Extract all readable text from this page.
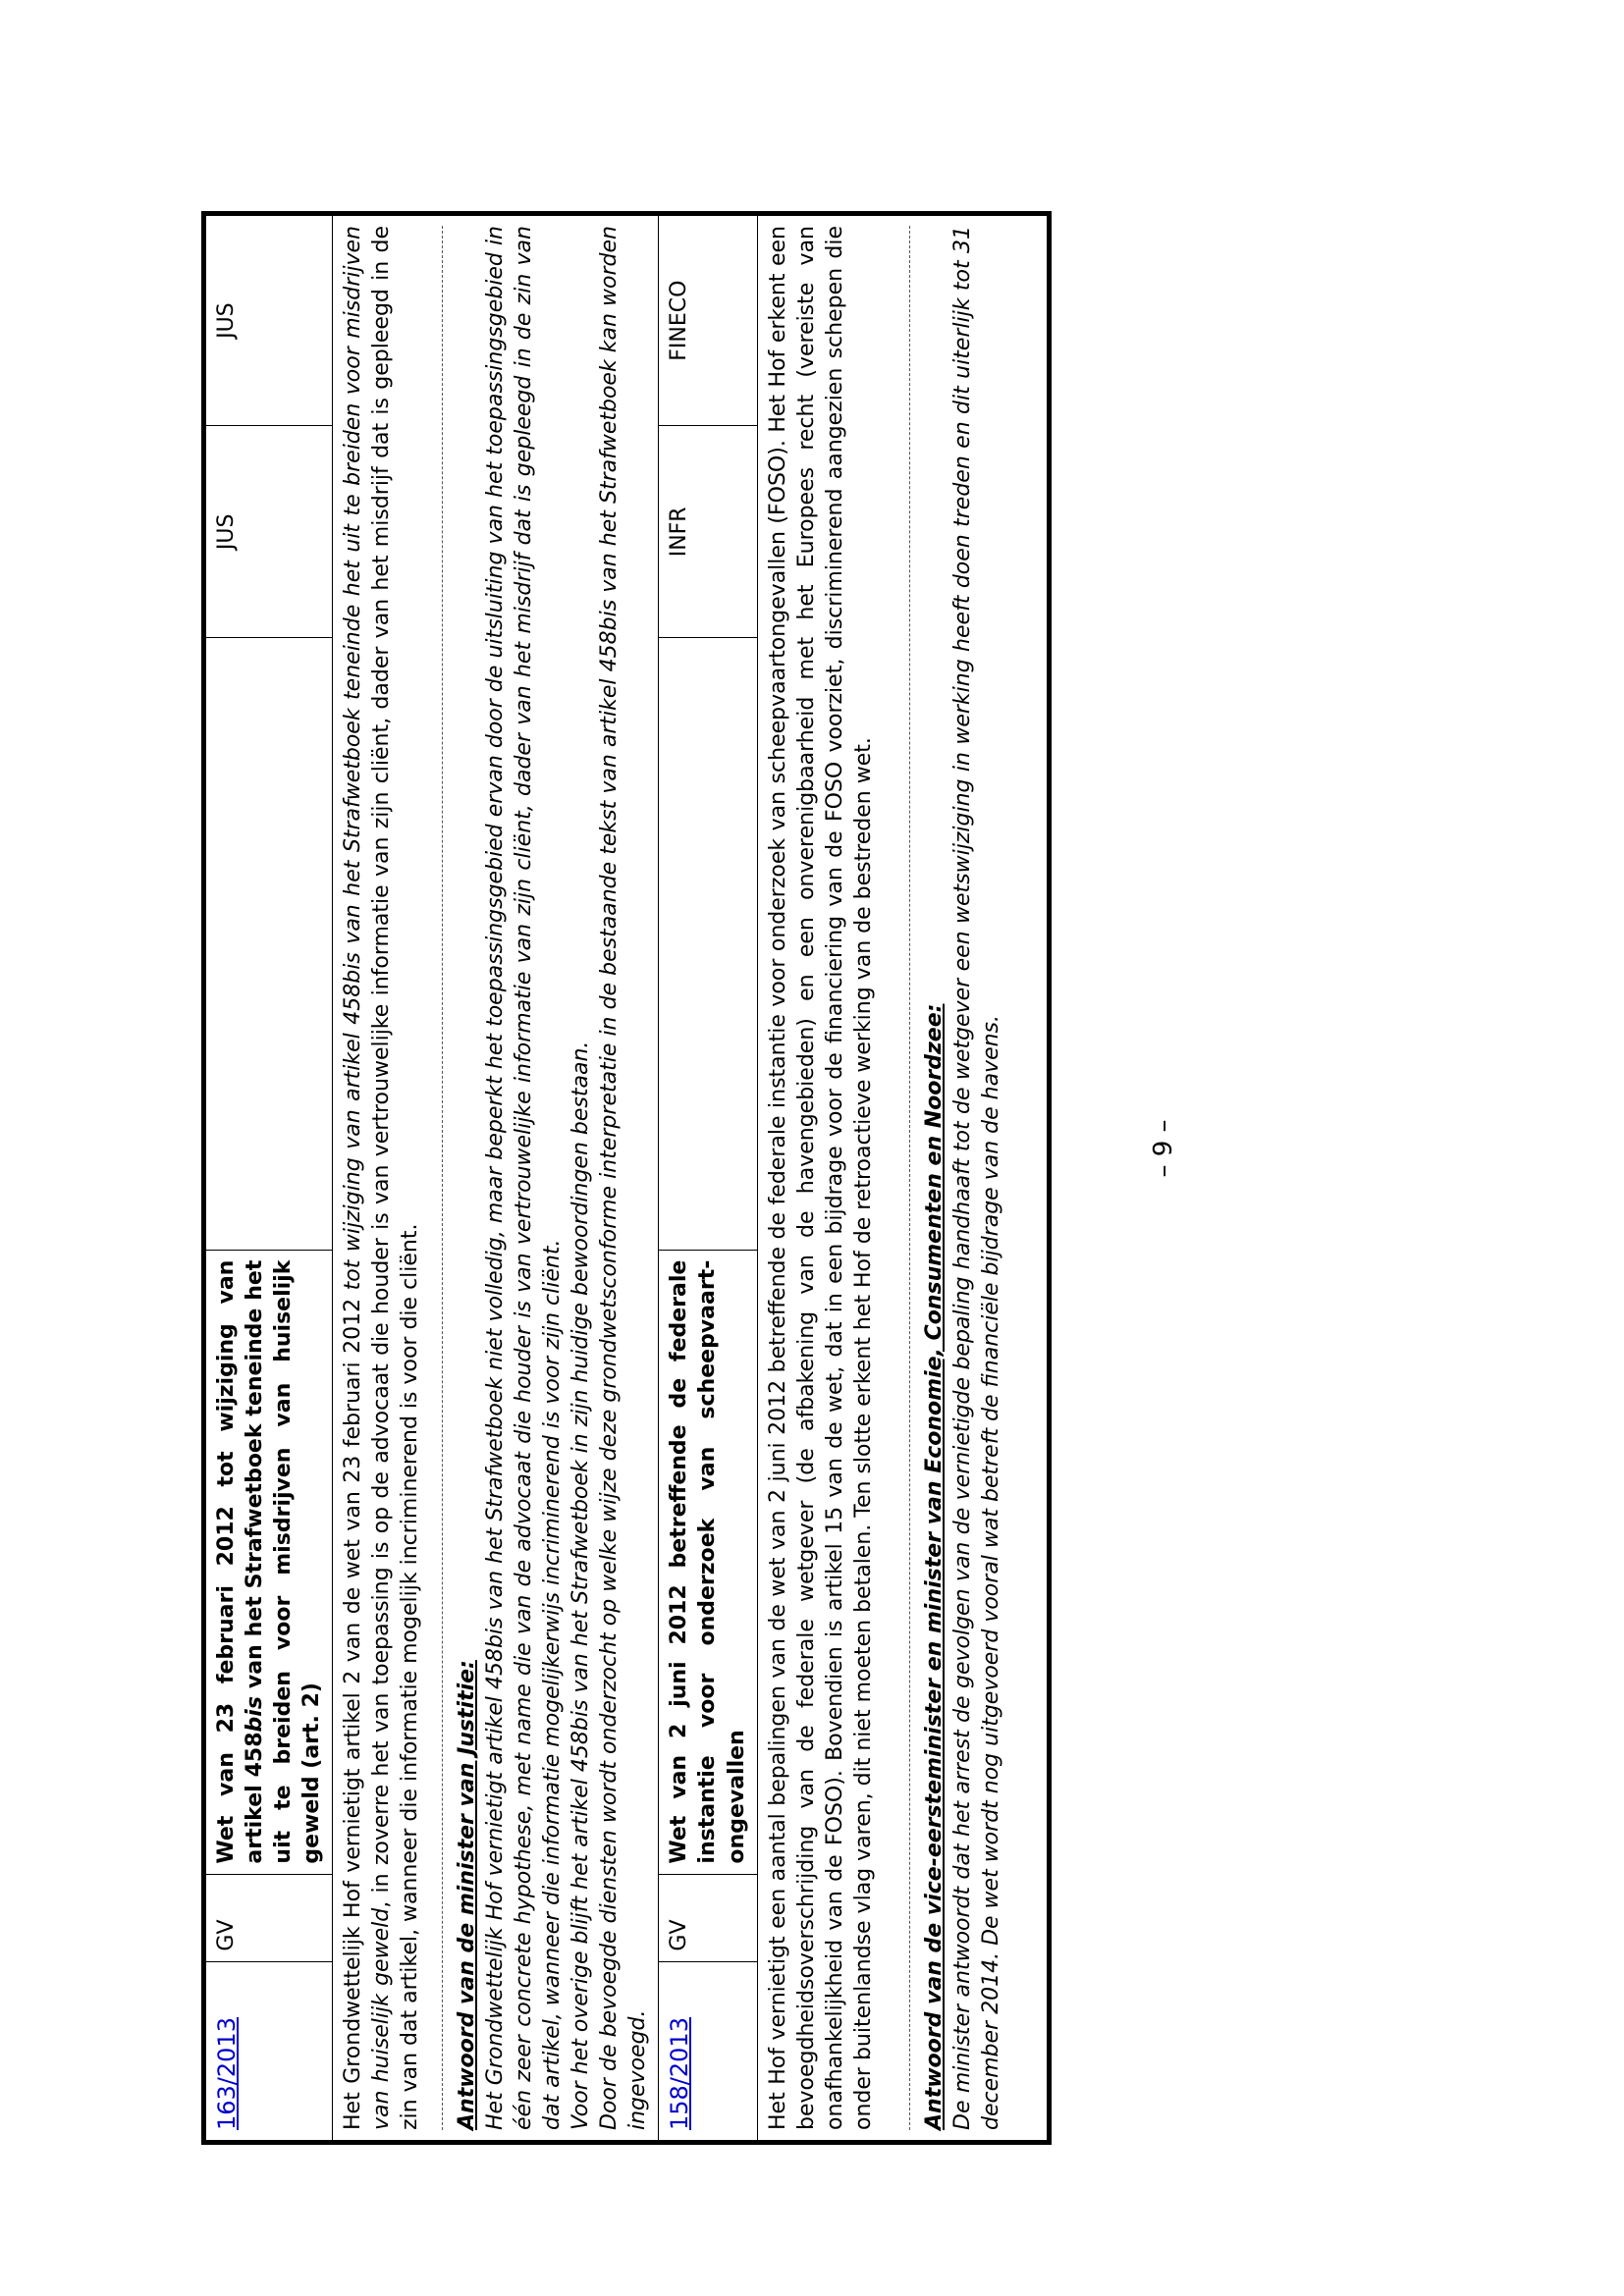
163/2013	GV	Wet van 23 februari 2012 tot wijziging van artikel 458bis van het Strafwetboek teneinde het uit te breiden voor misdrijven van huiselijk geweld (art. 2)		JUS	JUS

Het Grondwettelijk Hof vernietigt artikel 2 van de wet van 23 februari 2012 tot wijziging van artikel 458bis van het Strafwetboek teneinde het uit te breiden voor misdrijven van huiselijk geweld, in zoverre het van toepassing is op de advocaat die houder is van vertrouwelijke informatie van zijn cliënt, dader van het misdrijf dat is gepleegd in de zin van dat artikel, wanneer die informatie mogelijk incriminerend is voor die cliënt. Antwoord van de minister van Justitie: Het Grondwettelijk Hof vernietigt artikel 458bis van het Strafwetboek niet volledig, maar beperkt het toepassingsgebied ervan door de uitsluiting van het toepassingsgebied in één zeer concrete hypothese, met name die van de advocaat die houder is van vertrouwelijke informatie van zijn cliënt, dader van het misdrijf dat is gepleegd in de zin van dat artikel, wanneer die informatie mogelijkerwijs incriminerend is voor zijn cliënt. Voor het overige blijft het artikel 458bis van het Strafwetboek in zijn huidige bewoordingen bestaan. Door de bevoegde diensten wordt onderzocht op welke wijze deze grondwetsconforme interpretatie in de bestaande tekst van artikel 458bis van het Strafwetboek kan worden ingevoegd.					

158/2013	GV	Wet van 2 juni 2012 betreffende de federale instantie voor onderzoek van scheepvaart-ongevallen		INFR	FINECO

Het Hof vernietigt een aantal bepalingen van de wet van 2 juni 2012 betreffende de federale instantie voor onderzoek van scheepvaartongevallen (FOSO). Het Hof erkent een bevoegdheidsoverschrijding van de federale wetgever (de afbakening van de havengebieden) en een onverenigbaarheid met het Europees recht (vereiste van onafhankelijkheid van de FOSO). Bovendien is artikel 15 van de wet, dat in een bijdrage voor de financiering van de FOSO voorziet, discriminerend aangezien schepen die onder buitenlandse vlag varen, dit niet moeten betalen. Ten slotte erkent het Hof de retroactieve werking van de bestreden wet. Antwoord van de vice-eersteminister en minister van Economie, Consumenten en Noordzee: De minister antwoordt dat het arrest de gevolgen van de vernietigde bepaling handhaaft tot de wetgever een wetswijziging in werking heeft doen treden en dit uiterlijk tot 31 december 2014. De wet wordt nog uitgevoerd vooral wat betreft de financiële bijdrage van de havens.						– 9 –
